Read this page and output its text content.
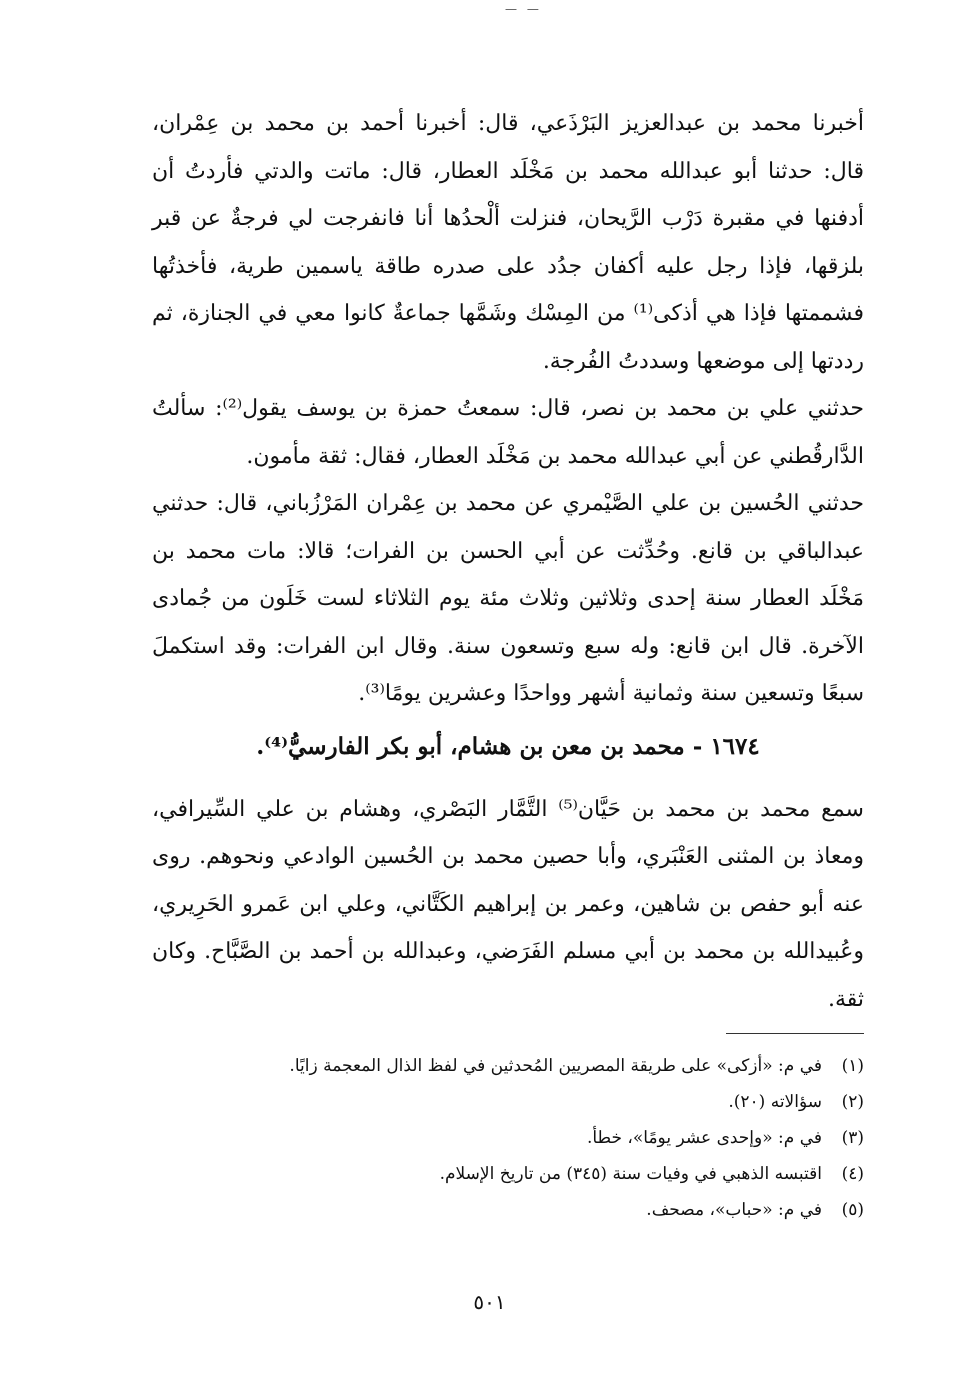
— —

أخبرنا محمد بن عبدالعزيز البَرْذَعي، قال: أخبرنا أحمد بن محمد بن عِمْران، قال: حدثنا أبو عبدالله محمد بن مَخْلَد العطار، قال: ماتت والدتي فأردتُ أن أدفنها في مقبرة دَرْب الرَّيحان، فنزلت ألْحدُها أنا فانفرجت لي فرجةٌ عن قبر بلزقها، فإذا رجل عليه أكفان جدُد على صدره طاقة ياسمين طرية، فأخذتُها فشممتها فإذا هي أذكى⁽¹⁾ من المِسْك وشَمَّها جماعةٌ كانوا معي في الجنازة، ثم رددتها إلى موضعها وسددتُ الفُرجة.

حدثني علي بن محمد بن نصر، قال: سمعتُ حمزة بن يوسف يقول⁽²⁾: سألتُ الدَّارقُطني عن أبي عبدالله محمد بن مَخْلَد العطار، فقال: ثقة مأمون.

حدثني الحُسين بن علي الصَّيْمري عن محمد بن عِمْران المَرْزُباني، قال: حدثني عبدالباقي بن قانع. وحُدِّثت عن أبي الحسن بن الفرات؛ قالا: مات محمد بن مَخْلَد العطار سنة إحدى وثلاثين وثلاث مئة يوم الثلاثاء لست خَلَون من جُمادى الآخرة. قال ابن قانع: وله سبع وتسعون سنة. وقال ابن الفرات: وقد استكملَ سبعًا وتسعين سنة وثمانية أشهر وواحدًا وعشرين يومًا⁽³⁾.

١٦٧٤ - محمد بن معن بن هشام، أبو بكر الفارسيُّ⁽⁴⁾.

سمع محمد بن محمد بن حَيَّان⁽⁵⁾ التَّمَّار البَصْري، وهشام بن علي السِّيرافي، ومعاذ بن المثنى العَنْبَري، وأبا حصين محمد بن الحُسين الوادعي ونحوهم. روى عنه أبو حفص بن شاهين، وعمر بن إبراهيم الكَتَّاني، وعلي ابن عَمرو الحَرِيري، وعُبيدالله بن محمد بن أبي مسلم الفَرَضي، وعبدالله بن أحمد بن الصَّبَّاح. وكان ثقة.

(١)
في م: «أزكى» على طريقة المصريين المُحدثين في لفظ الذال المعجمة زايًا.
(٢)
سؤالاته (٢٠).
(٣)
في م: «وإحدى عشر يومًا»، خطأ.
(٤)
اقتبسه الذهبي في وفيات سنة (٣٤٥) من تاريخ الإسلام.
(٥)
في م: «حباب»، مصحف.
٥٠١
